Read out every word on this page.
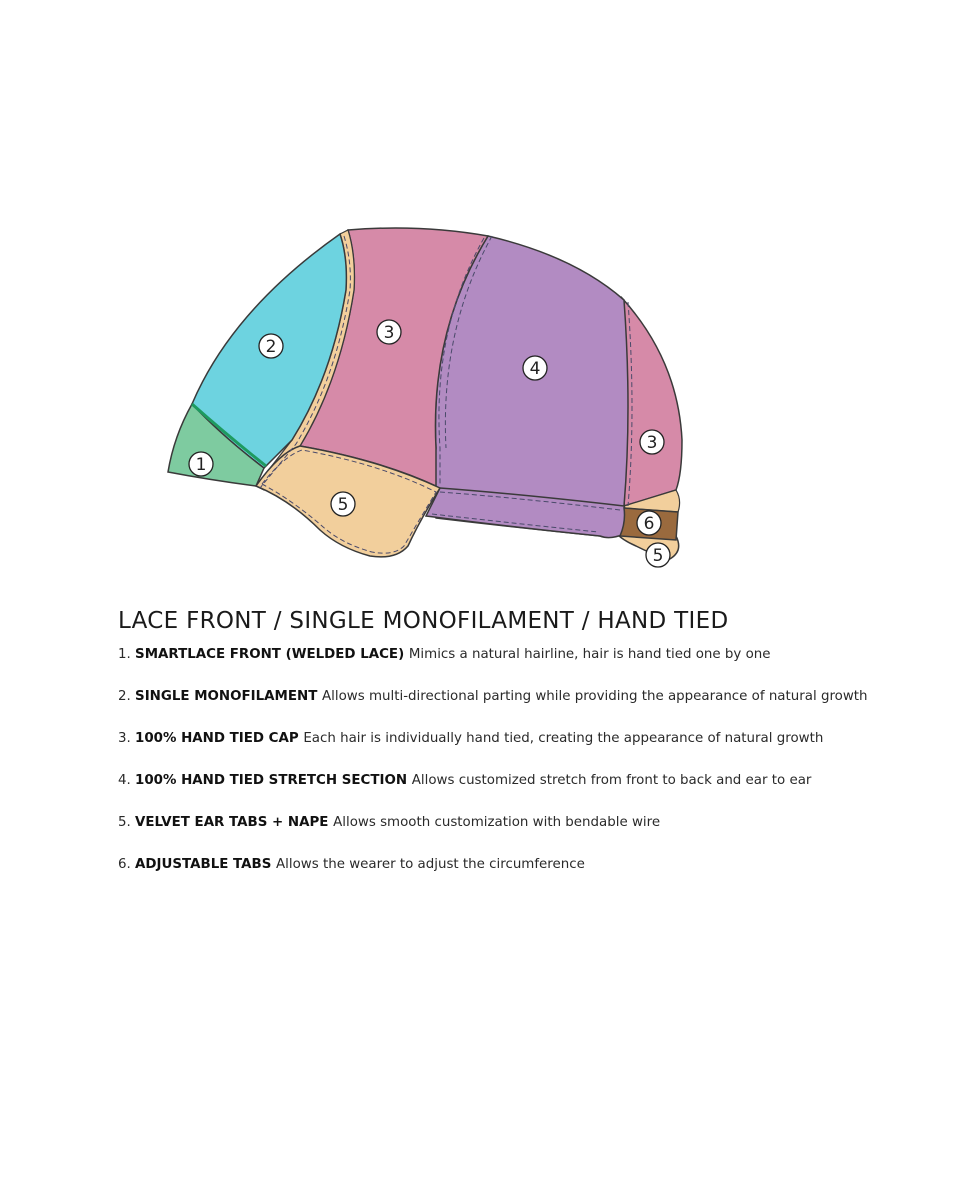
1
2
3
4
3
5
6
5
LACE FRONT / SINGLE MONOFILAMENT / HAND TIED
1. SMARTLACE FRONT (WELDED LACE) Mimics a natural hairline, hair is hand tied one by one
2. SINGLE MONOFILAMENT Allows multi-directional parting while providing the appearance of natural growth
3. 100% HAND TIED CAP Each hair is individually hand tied, creating the appearance of natural growth
4. 100% HAND TIED STRETCH SECTION Allows customized stretch from front to back and ear to ear
5. VELVET EAR TABS + NAPE Allows smooth customization with bendable wire
6. ADJUSTABLE TABS Allows the wearer to adjust the circumference
